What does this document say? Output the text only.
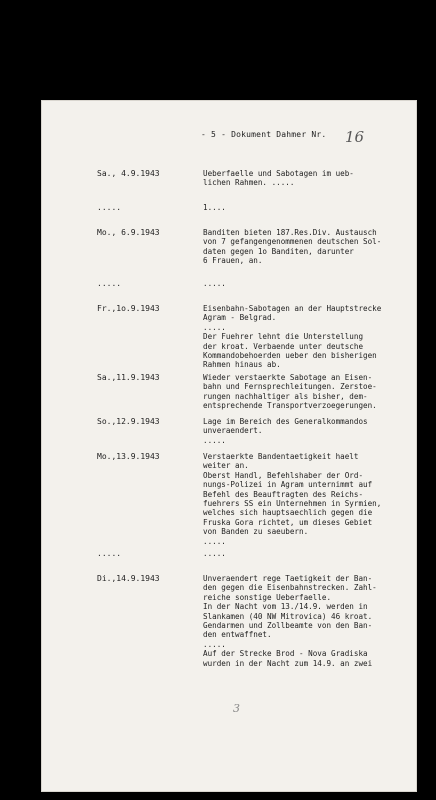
- 5 - Dokument Dahmer Nr. 16
Sa., 4.9.1943	Ueberfaelle und Sabotagen im ueb-
lichen Rahmen. .....
.....	1....
Mo., 6.9.1943	Banditen bieten 187.Res.Div. Austausch
von 7 gefangengenommenen deutschen Sol-
daten gegen 1o Banditen, darunter
6 Frauen, an.
.....	.....
Fr.,1o.9.1943	Eisenbahn-Sabotagen an der Hauptstrecke
Agram - Belgrad.
.....
Der Fuehrer lehnt die Unterstellung
der kroat. Verbaende unter deutsche
Kommandobehoerden ueber den bisherigen
Rahmen hinaus ab.
Sa.,11.9.1943	Wieder verstaerkte Sabotage an Eisen-
bahn und Fernsprechleitungen. Zerstoe-
rungen nachhaltiger als bisher, dem-
entsprechende Transportverzoegerungen.
So.,12.9.1943	Lage im Bereich des Generalkommandos
unveraendert.
.....
Mo.,13.9.1943	Verstaerkte Bandentaetigkeit haelt
weiter an.
Oberst Handl, Befehlshaber der Ord-
nungs-Polizei in Agram unternimmt auf
Befehl des Beauftragten des Reichs-
fuehrers SS ein Unternehmen in Syrmien,
welches sich hauptsaechlich gegen die
Fruska Gora richtet, um dieses Gebiet
von Banden zu saeubern.
.....
.....	.....
Di.,14.9.1943	Unveraendert rege Taetigkeit der Ban-
den gegen die Eisenbahnstrecken. Zahl-
reiche sonstige Ueberfaelle.
In der Nacht vom 13./14.9. werden in
Slankamen (40 NW Mitrovica) 46 kroat.
Gendarmen und Zollbeamte von den Ban-
den entwaffnet.
.....
Auf der Strecke Brod - Nova Gradiska
wurden in der Nacht zum 14.9. an zwei
3
